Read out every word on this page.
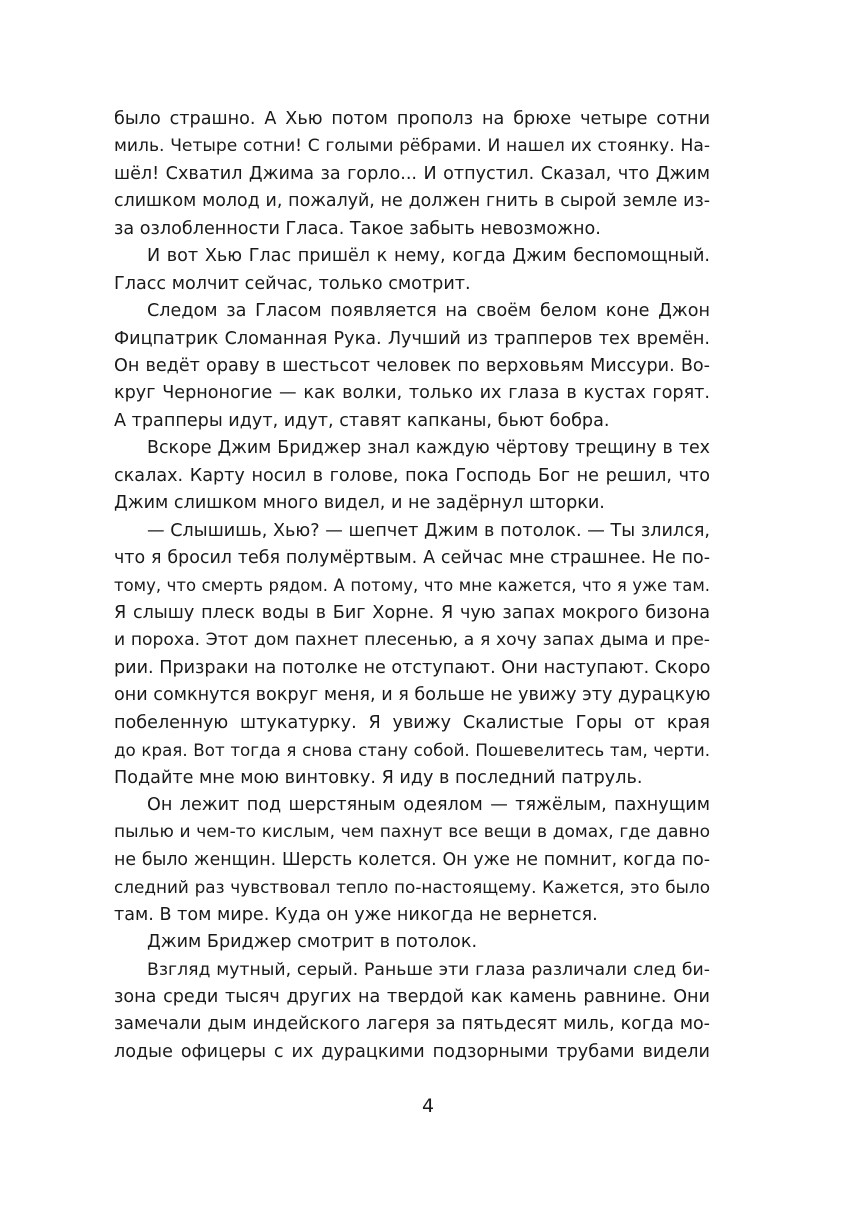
было страшно. А Хью потом прополз на брюхе четыре сотни
миль. Четыре сотни! С голыми рёбрами. И нашел их стоянку. На-
шёл! Схватил Джима за горло... И отпустил. Сказал, что Джим
слишком молод и, пожалуй, не должен гнить в сырой земле из-
за озлобленности Гласа. Такое забыть невозможно.
И вот Хью Глас пришёл к нему, когда Джим беспомощный.
Гласс молчит сейчас, только смотрит.
Следом за Гласом появляется на своём белом коне Джон
Фицпатрик Сломанная Рука. Лучший из трапперов тех времён.
Он ведёт ораву в шестьсот человек по верховьям Миссури. Во-
круг Черноногие — как волки, только их глаза в кустах горят.
А трапперы идут, идут, ставят капканы, бьют бобра.
Вскоре Джим Бриджер знал каждую чёртову трещину в тех
скалах. Карту носил в голове, пока Господь Бог не решил, что
Джим слишком много видел, и не задёрнул шторки.
— Слышишь, Хью? — шепчет Джим в потолок. — Ты злился,
что я бросил тебя полумёртвым. А сейчас мне страшнее. Не по-
тому, что смерть рядом. А потому, что мне кажется, что я уже там.
Я слышу плеск воды в Биг Хорне. Я чую запах мокрого бизона
и пороха. Этот дом пахнет плесенью, а я хочу запах дыма и пре-
рии. Призраки на потолке не отступают. Они наступают. Скоро
они сомкнутся вокруг меня, и я больше не увижу эту дурацкую
побеленную штукатурку. Я увижу Скалистые Горы от края
до края. Вот тогда я снова стану собой. Пошевелитесь там, черти.
Подайте мне мою винтовку. Я иду в последний патруль.
Он лежит под шерстяным одеялом — тяжёлым, пахнущим
пылью и чем-то кислым, чем пахнут все вещи в домах, где давно
не было женщин. Шерсть колется. Он уже не помнит, когда по-
следний раз чувствовал тепло по-настоящему. Кажется, это было
там. В том мире. Куда он уже никогда не вернется.
Джим Бриджер смотрит в потолок.
Взгляд мутный, серый. Раньше эти глаза различали след би-
зона среди тысяч других на твердой как камень равнине. Они
замечали дым индейского лагеря за пятьдесят миль, когда мо-
лодые офицеры с их дурацкими подзорными трубами видели
4
